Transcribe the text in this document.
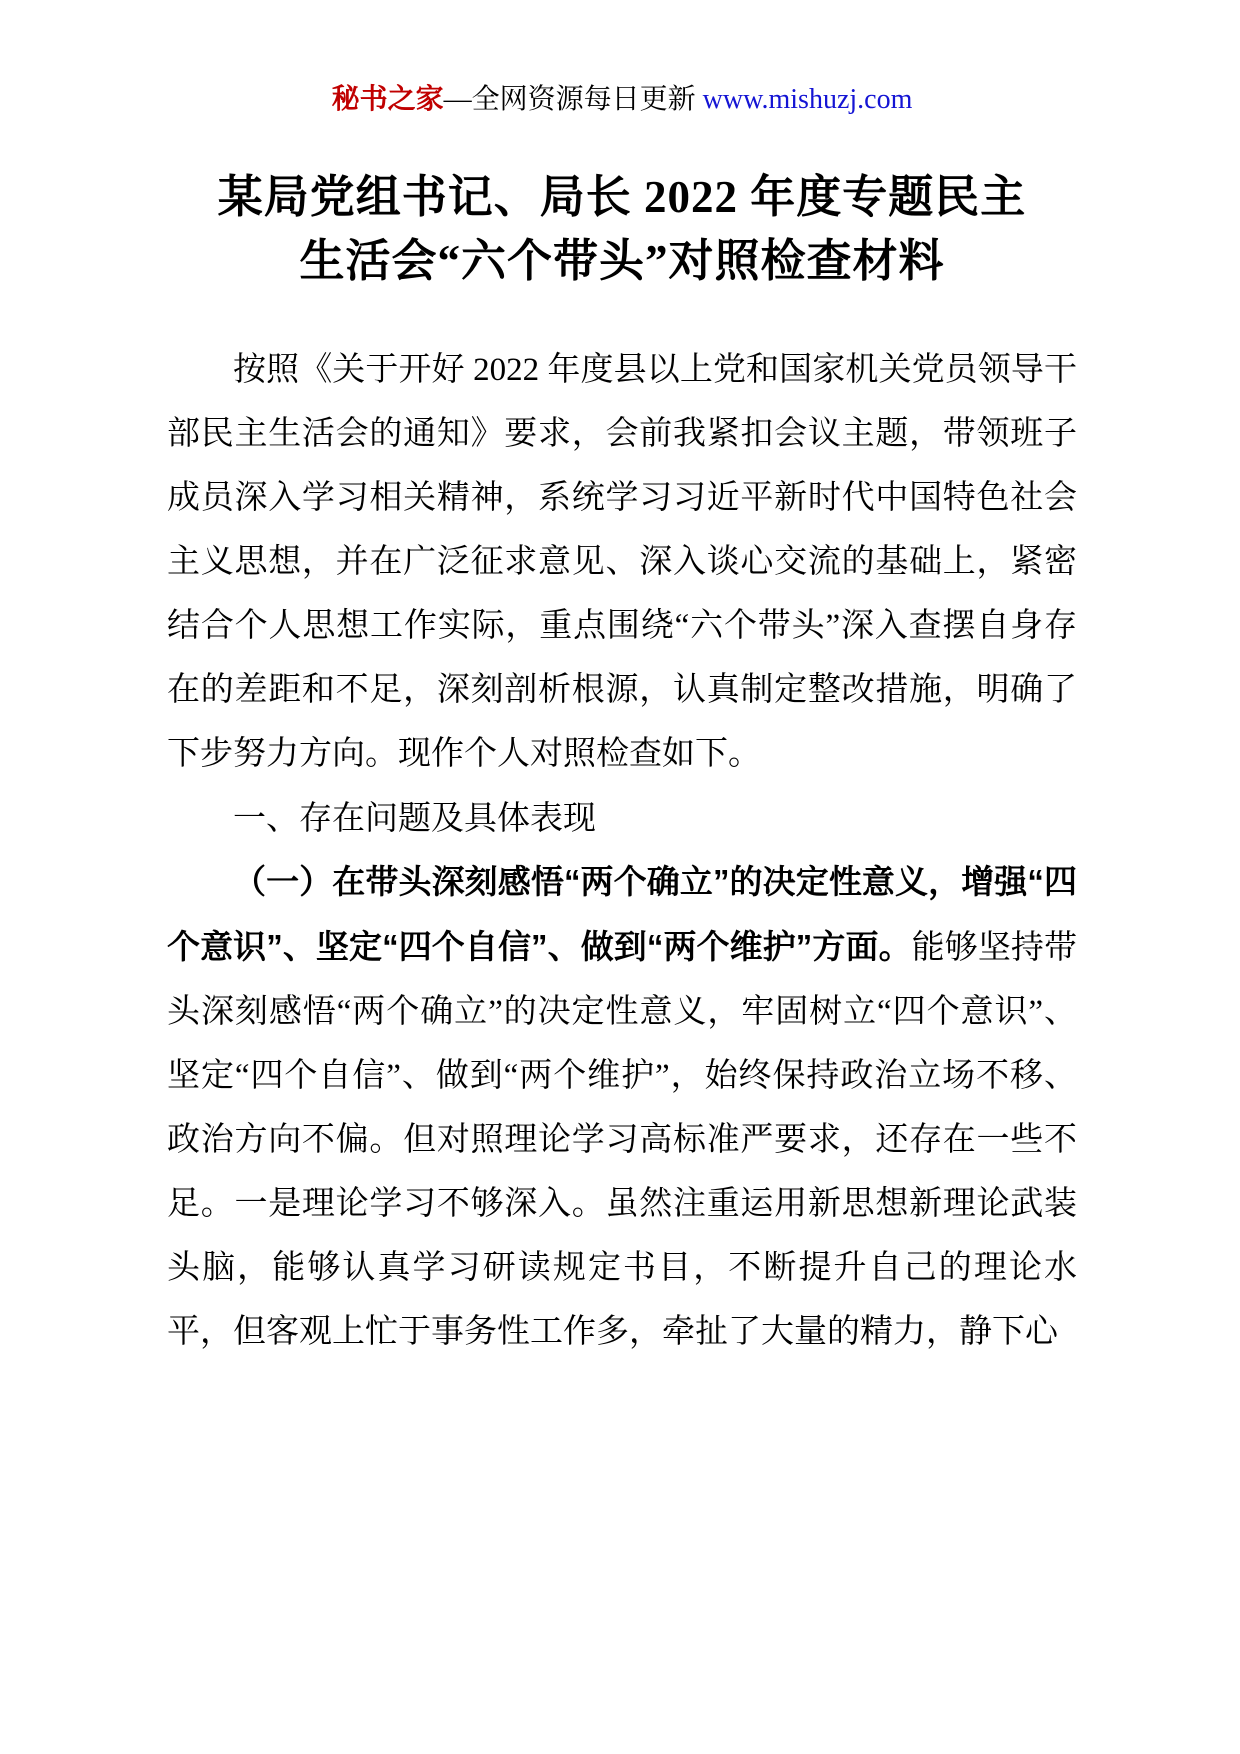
秘书之家—全网资源每日更新 www.mishuzj.com
某局党组书记、局长 2022 年度专题民主
生活会“六个带头”对照检查材料

按照《关于开好 2022 年度县以上党和国家机关党员领导干部民主生活会的通知》要求，会前我紧扣会议主题，带领班子成员深入学习相关精神，系统学习习近平新时代中国特色社会主义思想，并在广泛征求意见、深入谈心交流的基础上，紧密结合个人思想工作实际，重点围绕“六个带头”深入查摆自身存在的差距和不足，深刻剖析根源，认真制定整改措施，明确了下步努力方向。现作个人对照检查如下。

一、存在问题及具体表现

（一）在带头深刻感悟“两个确立”的决定性意义，增强“四个意识”、坚定“四个自信”、做到“两个维护”方面。能够坚持带头深刻感悟“两个确立”的决定性意义，牢固树立“四个意识”、坚定“四个自信”、做到“两个维护”，始终保持政治立场不移、政治方向不偏。但对照理论学习高标准严要求，还存在一些不足。一是理论学习不够深入。虽然注重运用新思想新理论武装头脑，能够认真学习研读规定书目，不断提升自己的理论水平，但客观上忙于事务性工作多，牵扯了大量的精力，静下心
